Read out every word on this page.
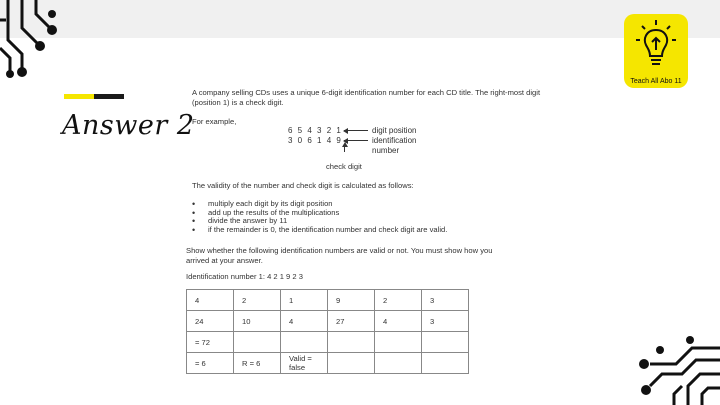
Answer 2
Teach All Abo 11

A company selling CDs uses a unique 6-digit identification number for each CD title. The right-most digit (position 1) is a check digit.

For example,

6 5 4 3 2 1	digit position
3 0 6 1 4 9	identification number

check digit

The validity of the number and check digit is calculated as follows:

• multiply each digit by its digit position
• add up the results of the multiplications
• divide the answer by 11
• if the remainder is 0, the identification number and check digit are valid.

Show whether the following identification numbers are valid or not. You must show how you arrived at your answer.

Identification number 1: 4 2 1 9 2 3

4	2	1	9	2	3
24	10	4	27	4	3
= 72					
= 6	R = 6	Valid = false			
